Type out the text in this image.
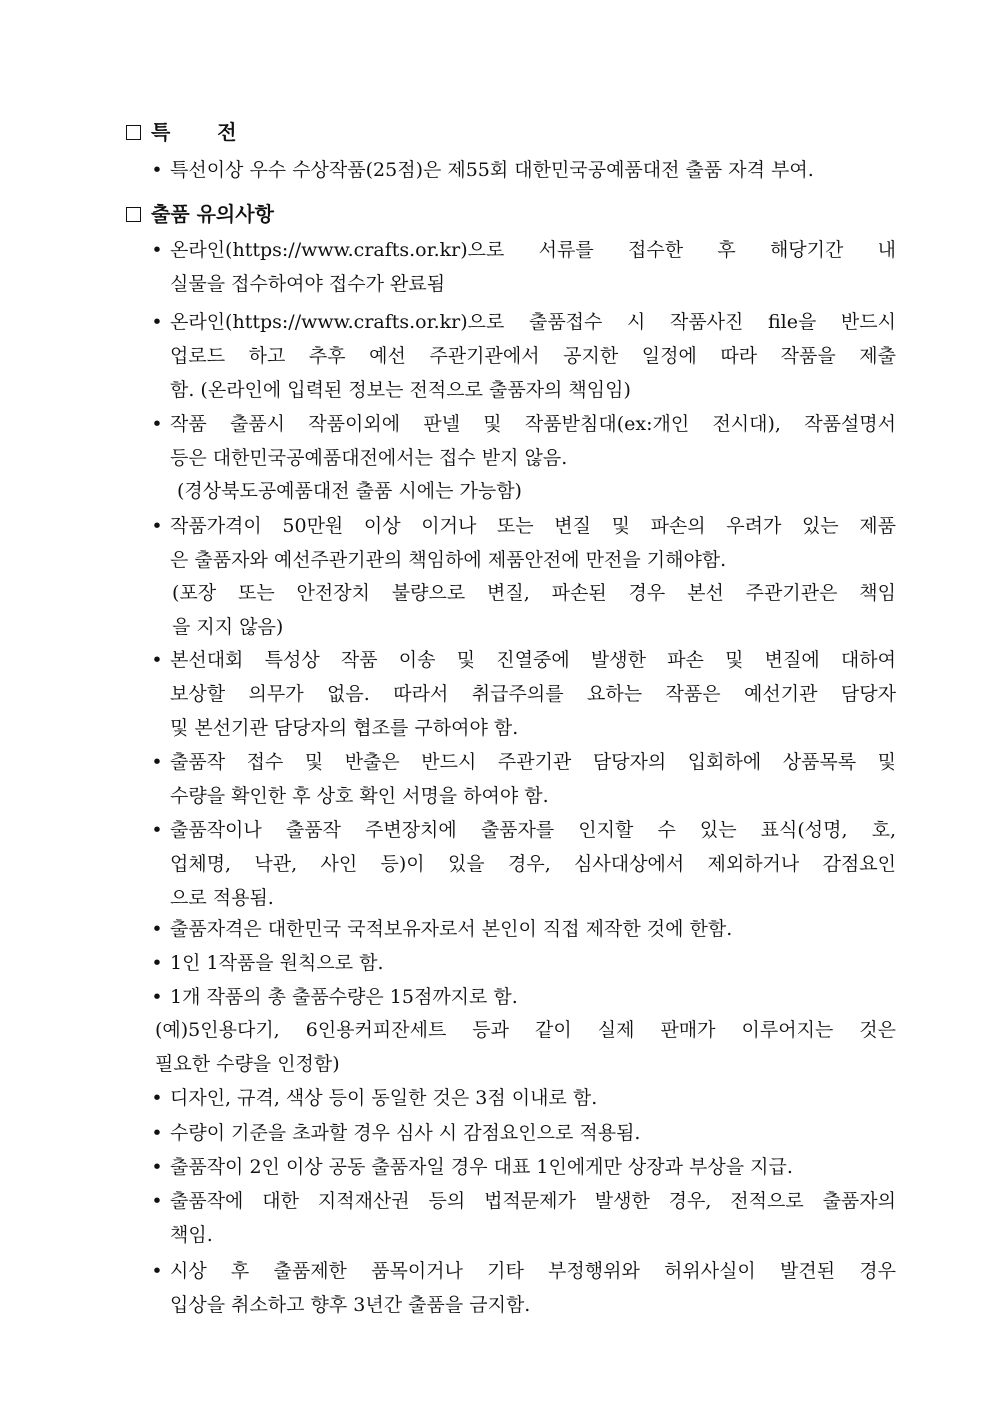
특 전
• 특선이상 우수 수상작품(25점)은 제55회 대한민국공예품대전 출품 자격 부여.
출품 유의사항
• 온라인(https://www.crafts.or.kr)으로 서류를 접수한 후 해당기간 내
실물을 접수하여야 접수가 완료됨
• 온라인(https://www.crafts.or.kr)으로 출품접수 시 작품사진 file을 반드시
업로드 하고 추후 예선 주관기관에서 공지한 일정에 따라 작품을 제출
함. (온라인에 입력된 정보는 전적으로 출품자의 책임임)
• 작품 출품시 작품이외에 판넬 및 작품받침대(ex:개인 전시대), 작품설명서
등은 대한민국공예품대전에서는 접수 받지 않음.
(경상북도공예품대전 출품 시에는 가능함)
• 작품가격이 50만원 이상 이거나 또는 변질 및 파손의 우려가 있는 제품
은 출품자와 예선주관기관의 책임하에 제품안전에 만전을 기해야함.
(포장 또는 안전장치 불량으로 변질, 파손된 경우 본선 주관기관은 책임
을 지지 않음)
• 본선대회 특성상 작품 이송 및 진열중에 발생한 파손 및 변질에 대하여
보상할 의무가 없음. 따라서 취급주의를 요하는 작품은 예선기관 담당자
및 본선기관 담당자의 협조를 구하여야 함.
• 출품작 접수 및 반출은 반드시 주관기관 담당자의 입회하에 상품목록 및
수량을 확인한 후 상호 확인 서명을 하여야 함.
• 출품작이나 출품작 주변장치에 출품자를 인지할 수 있는 표식(성명, 호,
업체명, 낙관, 사인 등)이 있을 경우, 심사대상에서 제외하거나 감점요인
으로 적용됨.
• 출품자격은 대한민국 국적보유자로서 본인이 직접 제작한 것에 한함.
• 1인 1작품을 원칙으로 함.
• 1개 작품의 총 출품수량은 15점까지로 함.
(예)5인용다기, 6인용커피잔세트 등과 같이 실제 판매가 이루어지는 것은
필요한 수량을 인정함)
• 디자인, 규격, 색상 등이 동일한 것은 3점 이내로 함.
• 수량이 기준을 초과할 경우 심사 시 감점요인으로 적용됨.
• 출품작이 2인 이상 공동 출품자일 경우 대표 1인에게만 상장과 부상을 지급.
• 출품작에 대한 지적재산권 등의 법적문제가 발생한 경우, 전적으로 출품자의
책임.
• 시상 후 출품제한 품목이거나 기타 부정행위와 허위사실이 발견된 경우
입상을 취소하고 향후 3년간 출품을 금지함.
